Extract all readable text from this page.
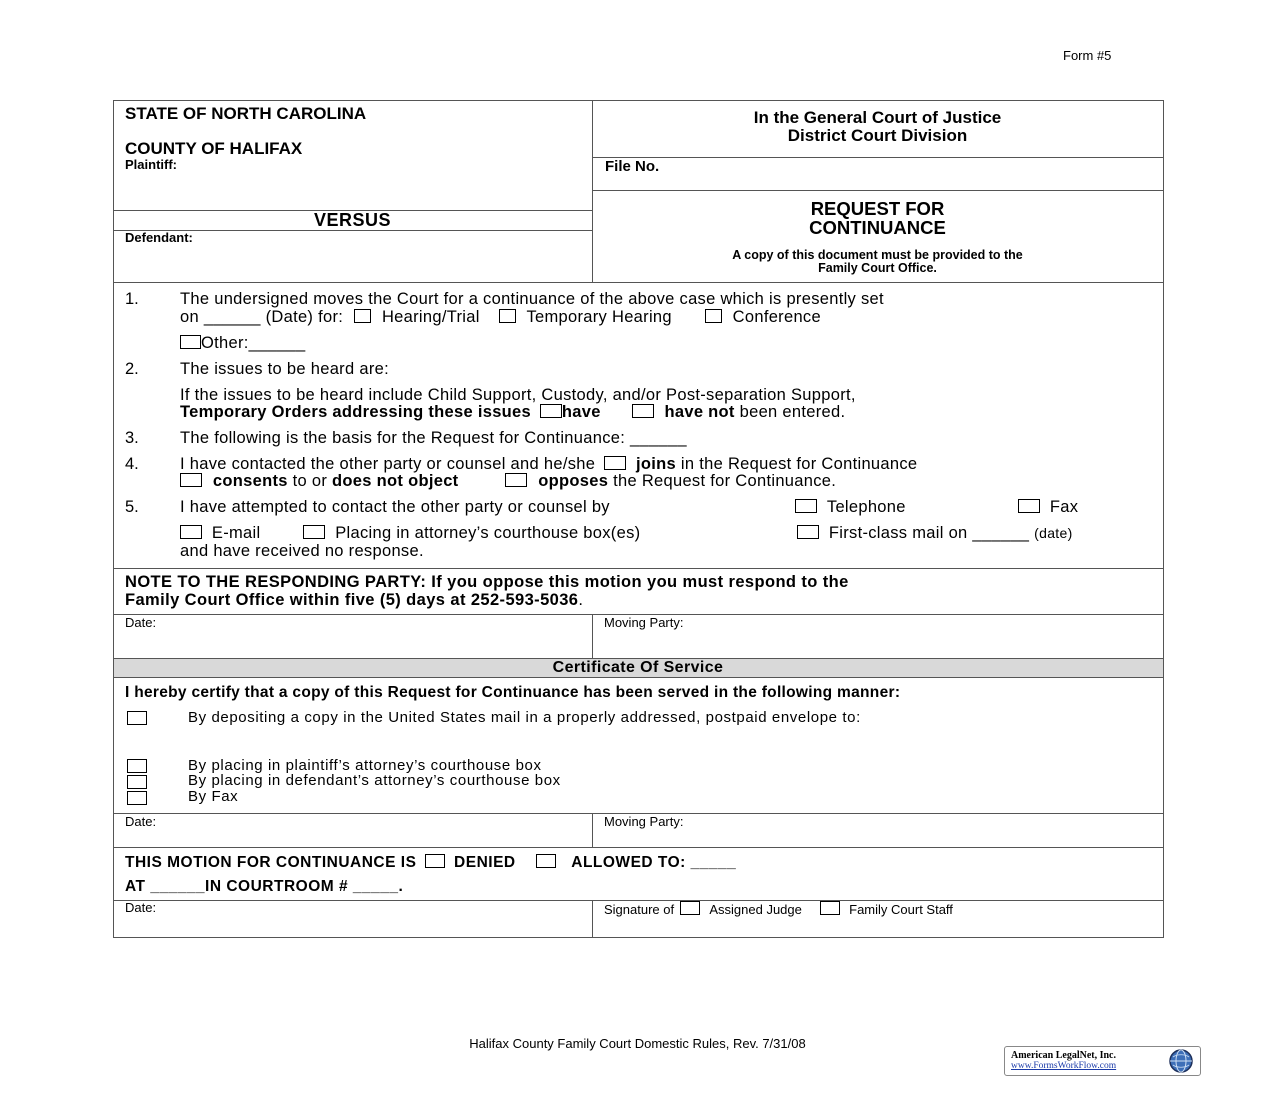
Form #5
STATE OF NORTH CAROLINA
COUNTY OF HALIFAX
Plaintiff:
VERSUS
Defendant:
In the General Court of Justice
District Court Division
File No.
REQUEST FOR
CONTINUANCE
A copy of this document must be provided to the
Family Court Office.
1. The undersigned moves the Court for a continuance of the above case which is presently set
on ______ (Date) for: Hearing/Trial	Temporary Hearing	Conference
Other:______
2. The issues to be heard are:
If the issues to be heard include Child Support, Custody, and/or Post-separation Support,
Temporary Orders addressing these issues have	have not been entered.
3. The following is the basis for the Request for Continuance: ______
4. I have contacted the other party or counsel and he/she joins in the Request for Continuance
consents to or does not object	opposes the Request for Continuance.
5. I have attempted to contact the other party or counsel by	Telephone	Fax
E-mail	Placing in attorney’s courthouse box(es)	First-class mail on ______ (date)
and have received no response.
NOTE TO THE RESPONDING PARTY: If you oppose this motion you must respond to the
Family Court Office within five (5) days at 252-593-5036.
Date:	Moving Party:
Certificate Of Service
I hereby certify that a copy of this Request for Continuance has been served in the following manner:
By depositing a copy in the United States mail in a properly addressed, postpaid envelope to:
By placing in plaintiff’s attorney’s courthouse box
By placing in defendant’s attorney’s courthouse box
By Fax
Date:	Moving Party:
THIS MOTION FOR CONTINUANCE IS DENIED	ALLOWED TO: _____
AT ______IN COURTROOM # _____.
Date:	Signature of	Assigned Judge	Family Court Staff
Halifax County Family Court Domestic Rules, Rev. 7/31/08
American LegalNet, Inc.
www.FormsWorkFlow.com
